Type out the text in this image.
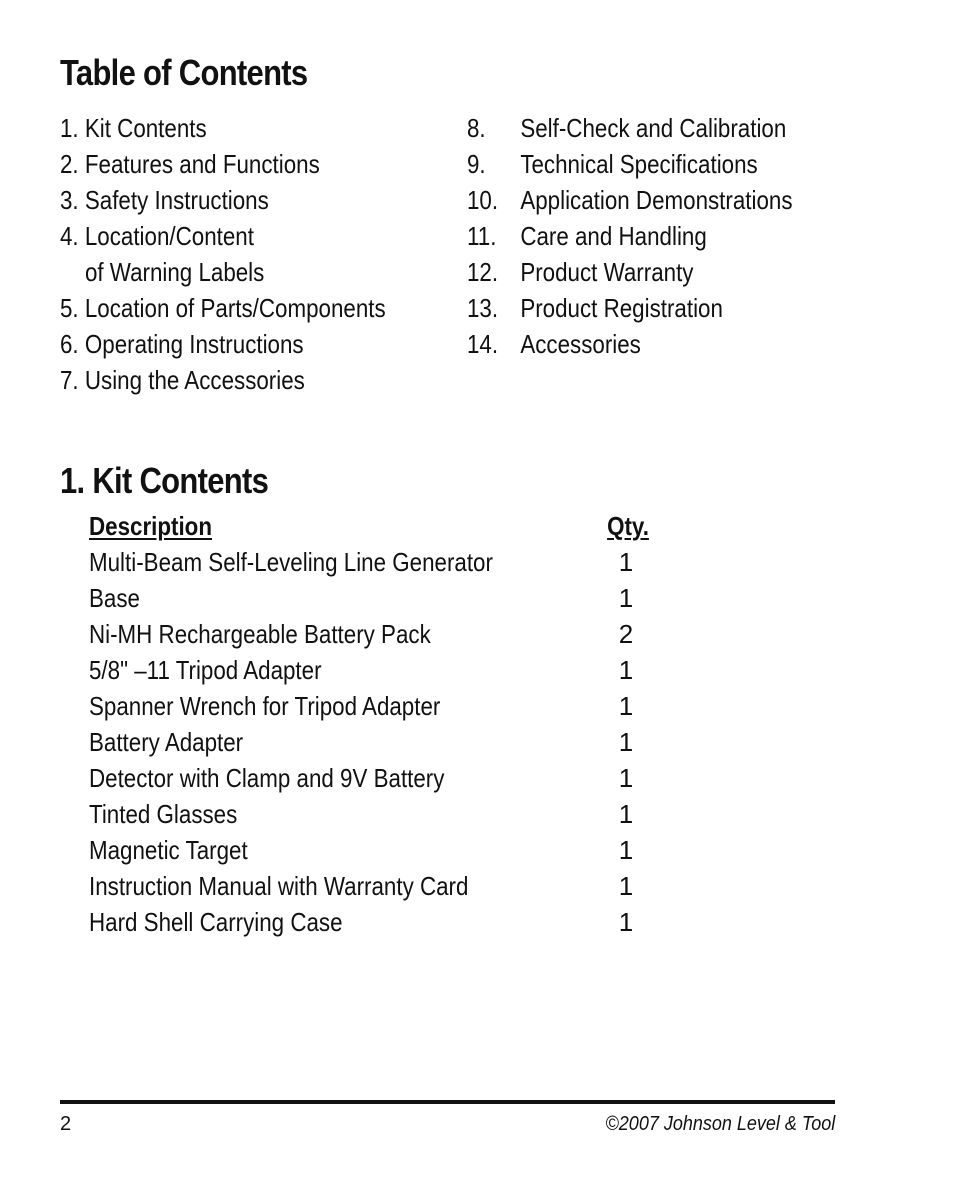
Table of Contents
1. Kit Contents
2. Features and Functions
3. Safety Instructions
4. Location/Content
of Warning Labels
5. Location of Parts/Components
6. Operating Instructions
7. Using the Accessories
8. Self-Check and Calibration
9. Technical Specifications
10. Application Demonstrations
11. Care and Handling
12. Product Warranty
13. Product Registration
14. Accessories
1. Kit Contents
Description	Qty.
Multi-Beam Self-Leveling Line Generator	1
Base	1
Ni-MH Rechargeable Battery Pack	2
5/8" –11 Tripod Adapter	1
Spanner Wrench for Tripod Adapter	1
Battery Adapter	1
Detector with Clamp and 9V Battery	1
Tinted Glasses	1
Magnetic Target	1
Instruction Manual with Warranty Card	1
Hard Shell Carrying Case	1
2	©2007 Johnson Level & Tool
